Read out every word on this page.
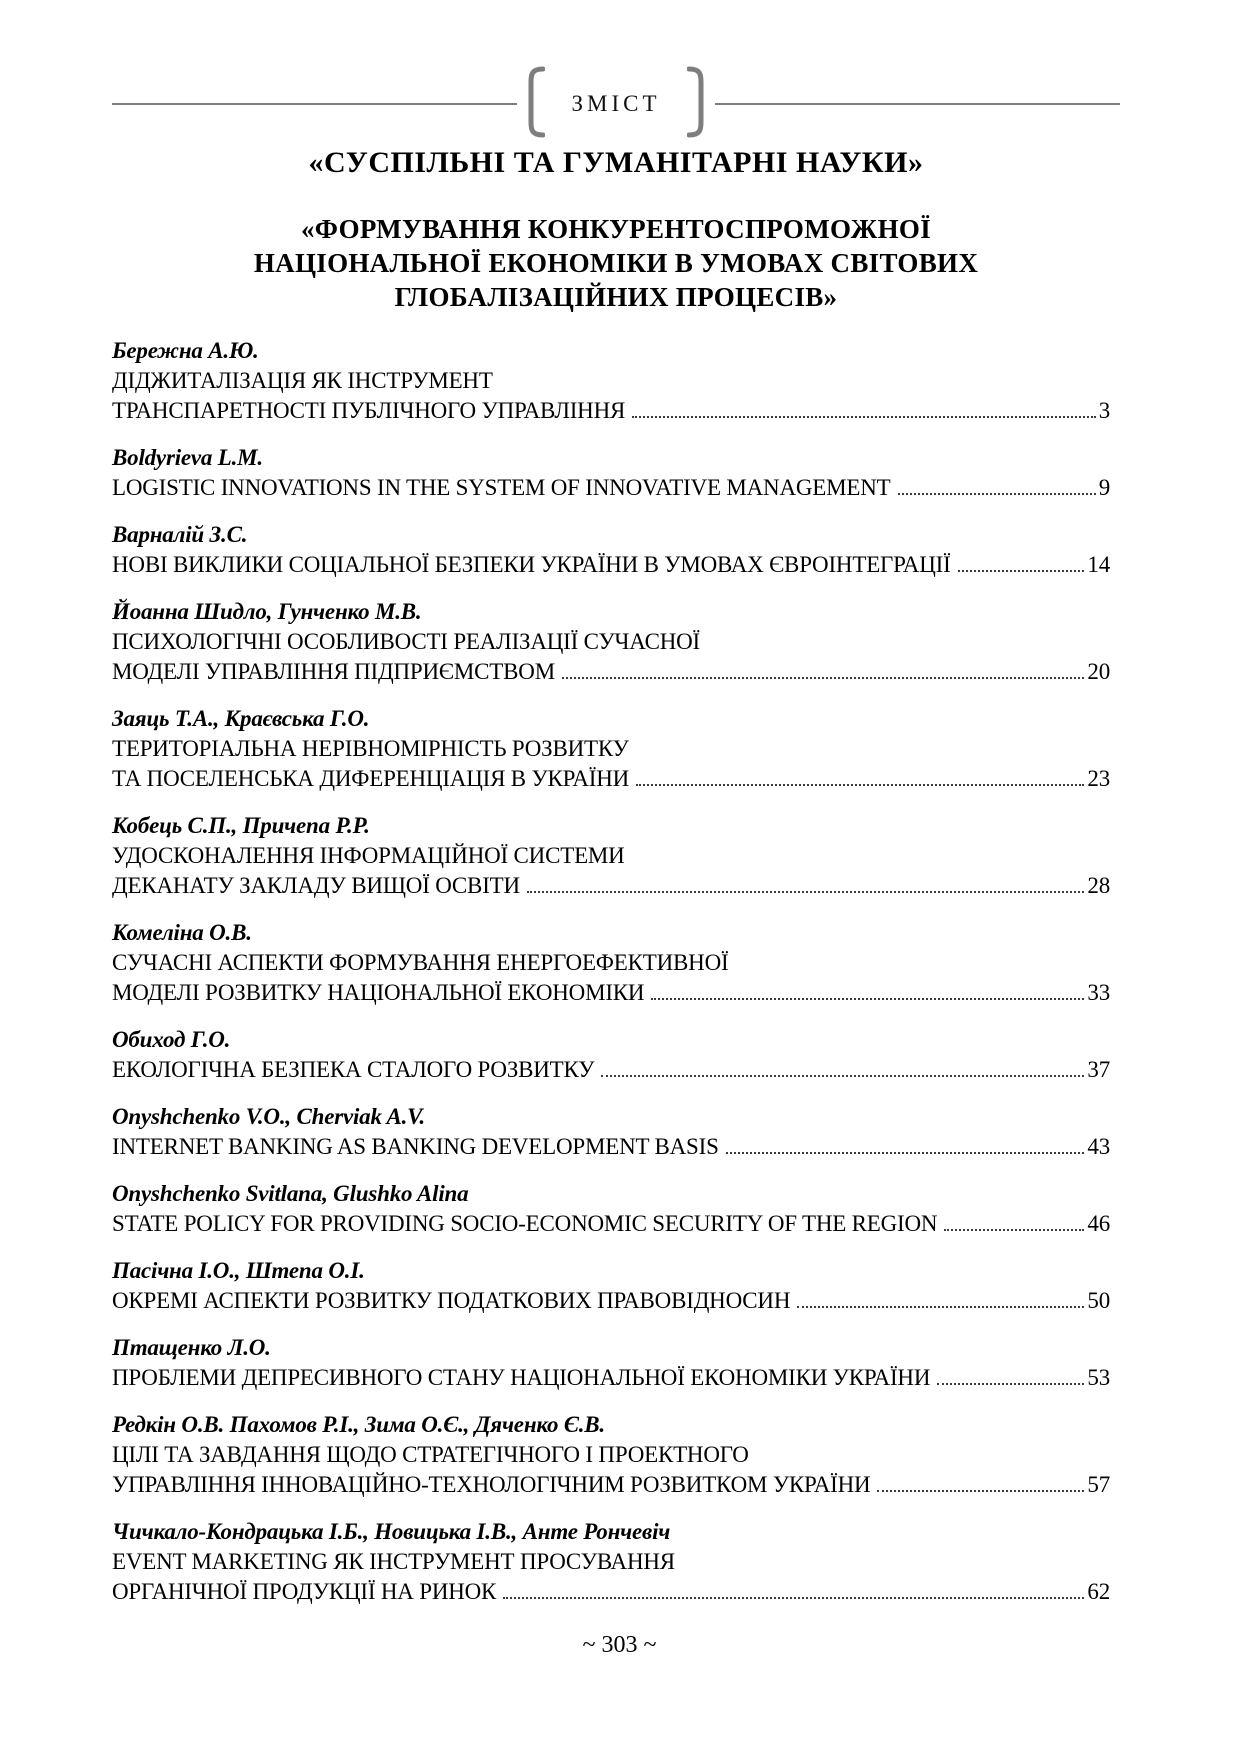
ЗМІСТ
«СУСПІЛЬНІ ТА ГУМАНІТАРНІ НАУКИ»
«ФОРМУВАННЯ КОНКУРЕНТОСПРОМОЖНОЇ
НАЦІОНАЛЬНОЇ ЕКОНОМІКИ В УМОВАХ СВІТОВИХ
ГЛОБАЛІЗАЦІЙНИХ ПРОЦЕСІВ»
Бережна А.Ю.
ДІДЖИТАЛІЗАЦІЯ ЯК ІНСТРУМЕНТ
ТРАНСПАРЕТНОСТІ ПУБЛІЧНОГО УПРАВЛІННЯ	3
Boldyrieva L.M.
LOGISTIC INNOVATIONS IN THE SYSTEM OF INNOVATIVE MANAGEMENT	9
Варналій З.С.
НОВІ ВИКЛИКИ СОЦІАЛЬНОЇ БЕЗПЕКИ УКРАЇНИ В УМОВАХ ЄВРОІНТЕГРАЦІЇ	14
Йоанна Шидло, Гунченко М.В.
ПСИХОЛОГІЧНІ ОСОБЛИВОСТІ РЕАЛІЗАЦІЇ СУЧАСНОЇ
МОДЕЛІ УПРАВЛІННЯ ПІДПРИЄМСТВОМ	20
Заяць Т.А., Краєвська Г.О.
ТЕРИТОРІАЛЬНА НЕРІВНОМІРНІСТЬ РОЗВИТКУ
ТА ПОСЕЛЕНСЬКА ДИФЕРЕНЦІАЦІЯ В УКРАЇНИ	23
Кобець С.П., Причепа Р.Р.
УДОСКОНАЛЕННЯ ІНФОРМАЦІЙНОЇ СИСТЕМИ
ДЕКАНАТУ ЗАКЛАДУ ВИЩОЇ ОСВІТИ	28
Комеліна О.В.
СУЧАСНІ АСПЕКТИ ФОРМУВАННЯ ЕНЕРГОЕФЕКТИВНОЇ
МОДЕЛІ РОЗВИТКУ НАЦІОНАЛЬНОЇ ЕКОНОМІКИ	33
Обиход Г.О.
ЕКОЛОГІЧНА БЕЗПЕКА СТАЛОГО РОЗВИТКУ	37
Onyshchenko V.O., Cherviak A.V.
INTERNET BANKING AS BANKING DEVELOPMENT BASIS	43
Onyshchenko Svitlana, Glushko Alina
STATE POLICY FOR PROVIDING SOCIO-ECONOMIC SECURITY OF THE REGION	46
Пасічна І.О., Штепа О.І.
ОКРЕМІ АСПЕКТИ РОЗВИТКУ ПОДАТКОВИХ ПРАВОВІДНОСИН	50
Птащенко Л.О.
ПРОБЛЕМИ ДЕПРЕСИВНОГО СТАНУ НАЦІОНАЛЬНОЇ ЕКОНОМІКИ УКРАЇНИ	53
Редкін О.В. Пахомов Р.І., Зима О.Є., Дяченко Є.В.
ЦІЛІ ТА ЗАВДАННЯ ЩОДО СТРАТЕГІЧНОГО І ПРОЕКТНОГО
УПРАВЛІННЯ ІННОВАЦІЙНО-ТЕХНОЛОГІЧНИМ РОЗВИТКОМ УКРАЇНИ	57
Чичкало-Кондрацька І.Б., Новицька І.В., Анте Рончевіч
EVENT MARKETING ЯК ІНСТРУМЕНТ ПРОСУВАННЯ
ОРГАНІЧНОЇ ПРОДУКЦІЇ НА РИНОК	62
~ 303 ~
